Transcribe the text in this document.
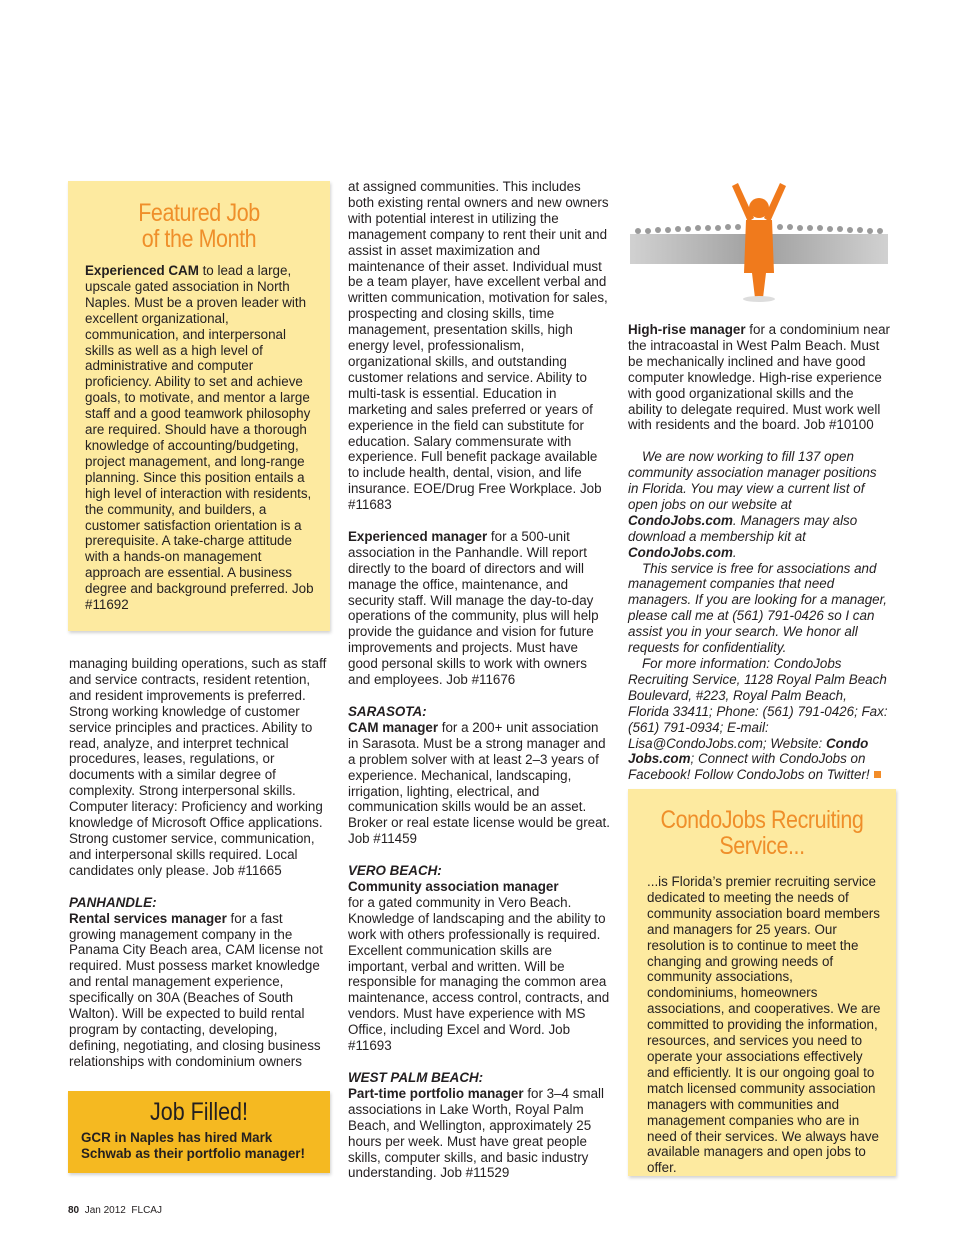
Featured Job
of the Month

Experienced CAM to lead a large, upscale gated association in North Naples. Must be a proven leader with excellent organizational, communication, and interpersonal skills as well as a high level of administrative and computer proficiency. Ability to set and achieve goals, to motivate, and mentor a large staff and a good teamwork philosophy are required. Should have a thorough knowledge of accounting/budgeting, project management, and long-range planning. Since this position entails a high level of interaction with residents, the community, and builders, a customer satisfaction orientation is a prerequisite. A take-charge attitude with a hands-on management approach are essential. A business degree and background preferred. Job #11692

managing building operations, such as staff and service contracts, resident retention, and resident improvements is preferred. Strong working knowledge of customer service principles and practices. Ability to read, analyze, and interpret technical procedures, leases, regulations, or documents with a similar degree of complexity. Strong interpersonal skills. Computer literacy: Proficiency and working knowledge of Microsoft Office applications. Strong customer service, communication, and interpersonal skills required. Local candidates only please. Job #11665

PANHANDLE:

Rental services manager for a fast growing management company in the Panama City Beach area, CAM license not required. Must possess market knowledge and rental management experience, specifically on 30A (Beaches of South Walton). Will be expected to build rental program by contacting, developing, defining, negotiating, and closing business relationships with condominium owners

Job Filled!
GCR in Naples has hired Mark Schwab as their portfolio manager!

at assigned communities. This includes both existing rental owners and new owners with potential interest in utilizing the management company to rent their unit and assist in asset maximization and maintenance of their asset. Individual must be a team player, have excellent verbal and written communication, motivation for sales, prospecting and closing skills, time management, presentation skills, high energy level, professionalism, organizational skills, and outstanding customer relations and service. Ability to multi-task is essential. Education in marketing and sales preferred or years of experience in the field can substitute for education. Salary commensurate with experience. Full benefit package available to include health, dental, vision, and life insurance. EOE/Drug Free Workplace. Job #11683

Experienced manager for a 500-unit association in the Panhandle. Will report directly to the board of directors and will manage the office, maintenance, and security staff. Will manage the day-to-day operations of the community, plus will help provide the guidance and vision for future improvements and projects. Must have good personal skills to work with owners and employees. Job #11676

SARASOTA:

CAM manager for a 200+ unit association in Sarasota. Must be a strong manager and a problem solver with at least 2–3 years of experience. Mechanical, landscaping, irrigation, lighting, electrical, and communication skills would be an asset. Broker or real estate license would be great. Job #11459

VERO BEACH:

Community association manager
for a gated community in Vero Beach. Knowledge of landscaping and the ability to work with others professionally is required. Excellent communication skills are important, verbal and written. Will be responsible for managing the common area maintenance, access control, contracts, and vendors. Must have experience with MS Office, including Excel and Word. Job #11693

WEST PALM BEACH:

Part-time portfolio manager for 3–4 small associations in Lake Worth, Royal Palm Beach, and Wellington, approximately 25 hours per week. Must have great people skills, computer skills, and basic industry understanding. Job #11529

High-rise manager for a condominium near the intracoastal in West Palm Beach. Must be mechanically inclined and have good computer knowledge. High-rise experience with good organizational skills and the ability to delegate required. Must work well with residents and the board. Job #10100

We are now working to fill 137 open community association manager positions in Florida. You may view a current list of open jobs on our website at CondoJobs.com. Managers may also download a membership kit at CondoJobs.com.

This service is free for associations and management companies that need managers. If you are looking for a manager, please call me at (561) 791-0426 so I can assist you in your search. We honor all requests for confidentiality.

For more information: CondoJobs Recruiting Service, 1128 Royal Palm Beach Boulevard, #223, Royal Palm Beach, Florida 33411; Phone: (561) 791-0426; Fax: (561) 791-0934; E-mail: Lisa@CondoJobs.com; Website: Condo Jobs.com; Connect with CondoJobs on Facebook! Follow CondoJobs on Twitter!

CondoJobs Recruiting
Service...

...is Florida’s premier recruiting service dedicated to meeting the needs of community association board members and managers for 25 years. Our resolution is to continue to meet the changing and growing needs of community associations, condominiums, homeowners associations, and cooperatives. We are committed to providing the information, resources, and services you need to operate your associations effectively and efficiently. It is our ongoing goal to match licensed community association managers with communities and management companies who are in need of their services. We always have available managers and open jobs to offer.

80 Jan 2012 FLCAJ
